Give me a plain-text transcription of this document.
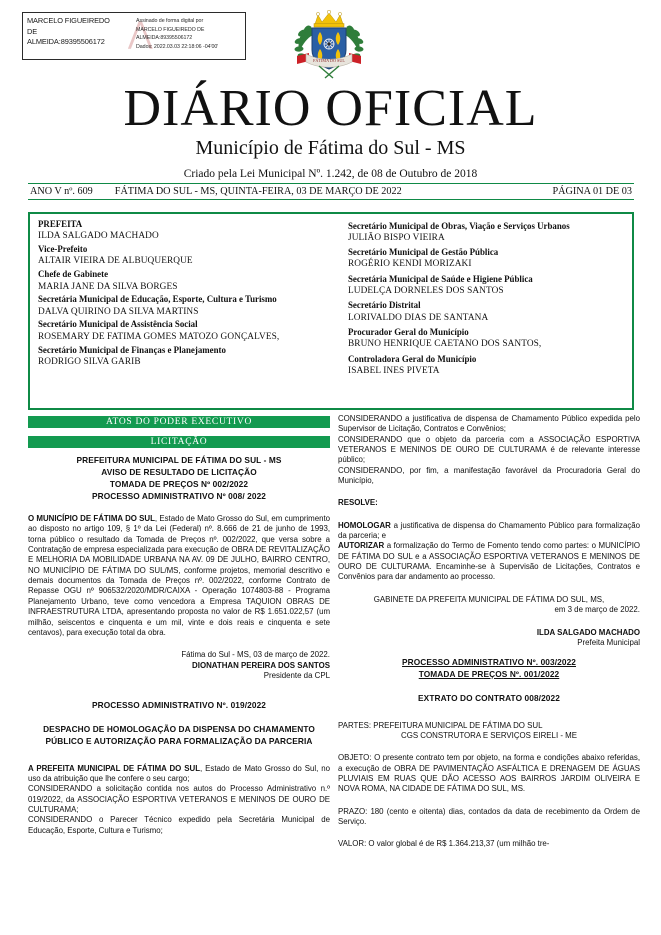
MARCELO FIGUEIREDO
DE
ALMEIDA:89395506172 ⋀
Assinado de forma digital por
MARCELO FIGUEIREDO DE
ALMEIDA:89395506172
Dados: 2022.03.03 22:18:06 -04'00'
FÁTIMA DO SUL
DIÁRIO OFICIAL
Município de Fátima do Sul - MS
Criado pela Lei Municipal Nº. 1.242, de 08 de Outubro de 2018
ANO V nº. 609	FÁTIMA DO SUL - MS, QUINTA-FEIRA, 03 DE MARÇO DE 2022	PÁGINA 01 DE 03
PREFEITA
ILDA SALGADO MACHADO
Vice-Prefeito
ALTAIR VIEIRA DE ALBUQUERQUE
Chefe de Gabinete
MARIA JANE DA SILVA BORGES
Secretária Municipal de Educação, Esporte, Cultura e Turismo
DALVA QUIRINO DA SILVA MARTINS
Secretário Municipal de Assistência Social
ROSEMARY DE FATIMA GOMES MATOZO GONÇALVES,
Secretário Municipal de Finanças e Planejamento
RODRIGO SILVA GARIB
Secretário Municipal de Obras, Viação e Serviços Urbanos
JULIÃO BISPO VIEIRA
Secretário Municipal de Gestão Pública
ROGÉRIO KENDI MORIZAKI
Secretária Municipal de Saúde e Higiene Pública
LUDELÇA DORNELES DOS SANTOS
Secretário Distrital
LORIVALDO DIAS DE SANTANA
Procurador Geral do Município
BRUNO HENRIQUE CAETANO DOS SANTOS,
Controladora Geral do Município
ISABEL INES PIVETA
ATOS DO PODER EXECUTIVO
LICITAÇÃO
PREFEITURA MUNICIPAL DE FÁTIMA DO SUL - MS
AVISO DE RESULTADO DE LICITAÇÃO
TOMADA DE PREÇOS Nº 002/2022
PROCESSO ADMINISTRATIVO Nº 008/ 2022
O MUNICÍPIO DE FÁTIMA DO SUL, Estado de Mato Grosso do Sul, em cumprimento ao disposto no artigo 109, § 1º da Lei (Federal) nº. 8.666 de 21 de junho de 1993, torna público o resultado da Tomada de Preços nº. 002/2022, que versa sobre a Contratação de empresa especializada para execução de OBRA DE REVITALIZAÇÃO E MELHORIA DA MOBILIDADE URBANA NA AV. 09 DE JULHO, BAIRRO CENTRO, NO MUNICÍPIO DE FÁTIMA DO SUL/MS, conforme projetos, memorial descritivo e demais documentos da Tomada de Preços nº. 002/2022, conforme Contrato de Repasse OGU nº 906532/2020/MDR/CAIXA - Operação 1074803-88 - Programa Planejamento Urbano, teve como vencedora a Empresa TAQUION OBRAS DE INFRAESTRUTURA LTDA, apresentando proposta no valor de R$ 1.651.022,57 (um milhão, seiscentos e cinquenta e um mil, vinte e dois reais e cinquenta e sete centavos), para execução total da obra.
Fátima do Sul - MS, 03 de março de 2022.
DIONATHAN PEREIRA DOS SANTOS
Presidente da CPL
PROCESSO ADMINISTRATIVO Nº. 019/2022
DESPACHO DE HOMOLOGAÇÃO DA DISPENSA DO CHAMAMENTO PÚBLICO E AUTORIZAÇÃO PARA FORMALIZAÇÃO DA PARCERIA
A PREFEITA MUNICIPAL DE FÁTIMA DO SUL, Estado de Mato Grosso do Sul, no uso da atribuição que lhe confere o seu cargo;
CONSIDERANDO a solicitação contida nos autos do Processo Administrativo n.º 019/2022, da ASSOCIAÇÃO ESPORTIVA VETERANOS E MENINOS DE OURO DE CULTURAMA;
CONSIDERANDO o Parecer Técnico expedido pela Secretária Municipal de Educação, Esporte, Cultura e Turismo;
CONSIDERANDO a justificativa de dispensa de Chamamento Público expedida pelo Supervisor de Licitação, Contratos e Convênios;
CONSIDERANDO que o objeto da parceria com a ASSOCIAÇÃO ESPORTIVA VETERANOS E MENINOS DE OURO DE CULTURAMA é de relevante interesse público;
CONSIDERANDO, por fim, a manifestação favorável da Procuradoria Geral do Município,
RESOLVE:
HOMOLOGAR a justificativa de dispensa do Chamamento Público para formalização da parceria; e
AUTORIZAR a formalização do Termo de Fomento tendo como partes: o MUNICÍPIO DE FÁTIMA DO SUL e a ASSOCIAÇÃO ESPORTIVA VETERANOS E MENINOS DE OURO DE CULTURAMA. Encaminhe-se à Supervisão de Licitações, Contratos e Convênios para dar andamento ao processo.
GABINETE DA PREFEITA MUNICIPAL DE FÁTIMA DO SUL, MS,
em 3 de março de 2022.
ILDA SALGADO MACHADO
Prefeita Municipal
PROCESSO ADMINISTRATIVO Nº. 003/2022
TOMADA DE PREÇOS Nº. 001/2022
EXTRATO DO CONTRATO 008/2022
PARTES: PREFEITURA MUNICIPAL DE FÁTIMA DO SUL
CGS CONSTRUTORA E SERVIÇOS EIRELI - ME
OBJETO: O presente contrato tem por objeto, na forma e condições abaixo referidas, a execução de OBRA DE PAVIMENTAÇÃO ASFÁLTICA E DRENAGEM DE ÁGUAS PLUVIAIS EM RUAS QUE DÃO ACESSO AOS BAIRROS JARDIM OLIVEIRA E NOVA ROMA, NA CIDADE DE FÁTIMA DO SUL, MS.
PRAZO: 180 (cento e oitenta) dias, contados da data de recebimento da Ordem de Serviço.
VALOR: O valor global é de R$ 1.364.213,37 (um milhão tre-
